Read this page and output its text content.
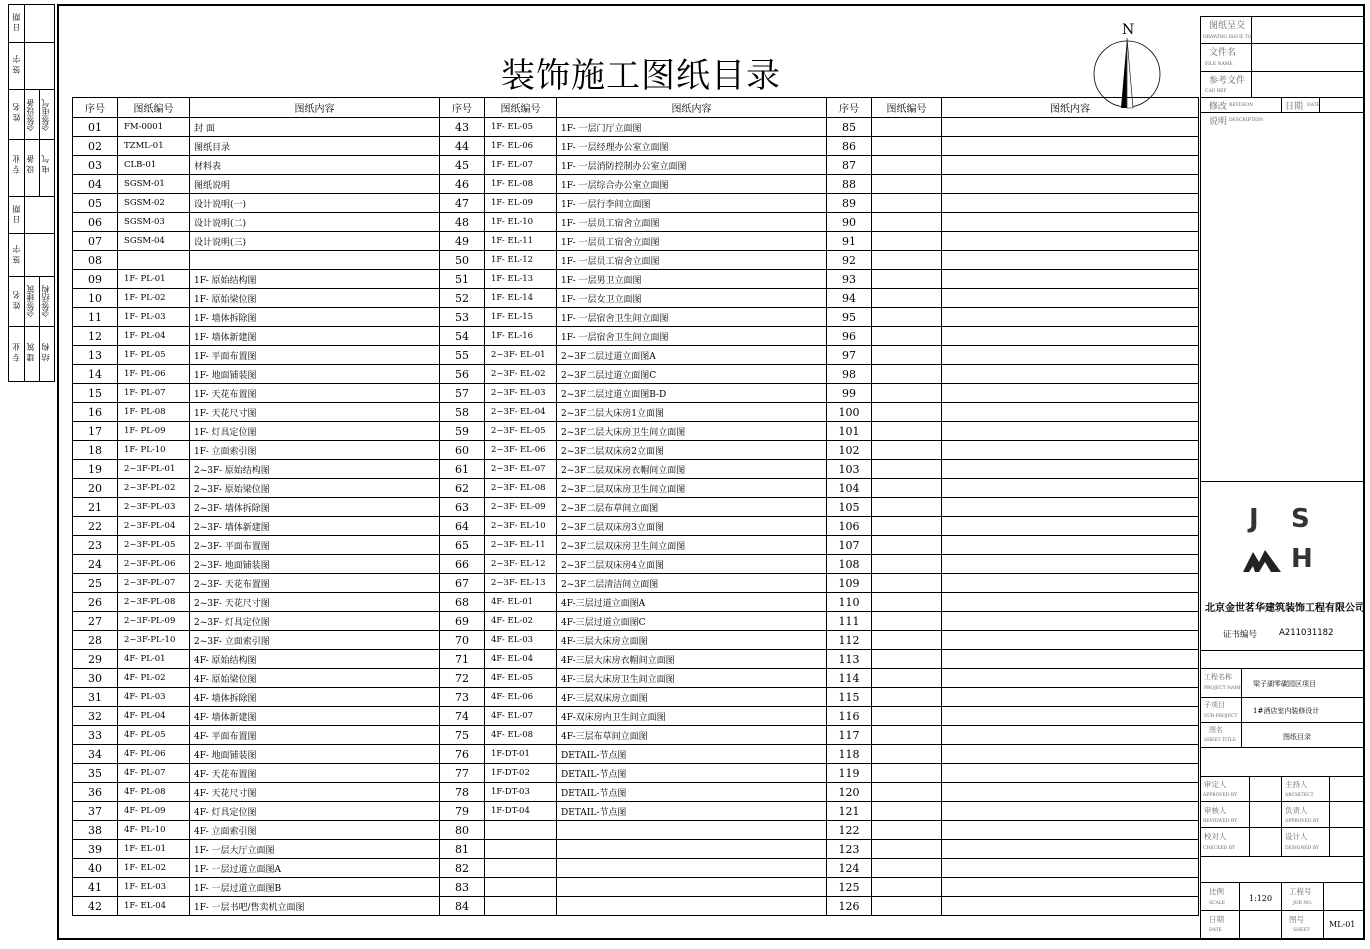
日 期
签 字
姓 名 会签设备 会签电气
专 业 设 备 电 气
日 期
签 字
姓 名 会签建筑 会签结构
专 业 建 筑 结 构
装饰施工图纸目录
N
序号	图纸编号	图纸内容	序号	图纸编号	图纸内容	序号	图纸编号	图纸内容
01	FM-0001	封 面	43	1F- EL-05	1F- 一层门厅立面图	85		
02	TZML-01	图纸目录	44	1F- EL-06	1F- 一层经理办公室立面图	86		
03	CLB-01	材料表	45	1F- EL-07	1F- 一层消防控制办公室立面图	87		
04	SGSM-01	图纸说明	46	1F- EL-08	1F- 一层综合办公室立面图	88		
05	SGSM-02	设计说明(一)	47	1F- EL-09	1F- 一层行李间立面图	89		
06	SGSM-03	设计说明(二)	48	1F- EL-10	1F- 一层员工宿舍立面图	90		
07	SGSM-04	设计说明(三)	49	1F- EL-11	1F- 一层员工宿舍立面图	91		
08			50	1F- EL-12	1F- 一层员工宿舍立面图	92		
09	1F- PL-01	1F- 原始结构图	51	1F- EL-13	1F- 一层男卫立面图	93		
10	1F- PL-02	1F- 原始梁位图	52	1F- EL-14	1F- 一层女卫立面图	94		
11	1F- PL-03	1F- 墙体拆除图	53	1F- EL-15	1F- 一层宿舍卫生间立面图	95		
12	1F- PL-04	1F- 墙体新建图	54	1F- EL-16	1F- 一层宿舍卫生间立面图	96		
13	1F- PL-05	1F- 平面布置图	55	2~3F- EL-01	2~3F二层过道立面图A	97		
14	1F- PL-06	1F- 地面铺装图	56	2~3F- EL-02	2~3F二层过道立面图C	98		
15	1F- PL-07	1F- 天花布置图	57	2~3F- EL-03	2~3F二层过道立面图B-D	99		
16	1F- PL-08	1F- 天花尺寸图	58	2~3F- EL-04	2~3F二层大床房1立面图	100		
17	1F- PL-09	1F- 灯具定位图	59	2~3F- EL-05	2~3F二层大床房卫生间立面图	101		
18	1F- PL-10	1F- 立面索引图	60	2~3F- EL-06	2~3F二层双床房2立面图	102		
19	2~3F-PL-01	2~3F- 原始结构图	61	2~3F- EL-07	2~3F二层双床房衣帽间立面图	103		
20	2~3F-PL-02	2~3F- 原始梁位图	62	2~3F- EL-08	2~3F二层双床房卫生间立面图	104		
21	2~3F-PL-03	2~3F- 墙体拆除图	63	2~3F- EL-09	2~3F二层布草间立面图	105		
22	2~3F-PL-04	2~3F- 墙体新建图	64	2~3F- EL-10	2~3F二层双床房3立面图	106		
23	2~3F-PL-05	2~3F- 平面布置图	65	2~3F- EL-11	2~3F二层双床房卫生间立面图	107		
24	2~3F-PL-06	2~3F- 地面铺装图	66	2~3F- EL-12	2~3F二层双床房4立面图	108		
25	2~3F-PL-07	2~3F- 天花布置图	67	2~3F- EL-13	2~3F二层清洁间立面图	109		
26	2~3F-PL-08	2~3F- 天花尺寸图	68	4F- EL-01	4F-三层过道立面图A	110		
27	2~3F-PL-09	2~3F- 灯具定位图	69	4F- EL-02	4F-三层过道立面图C	111		
28	2~3F-PL-10	2~3F- 立面索引图	70	4F- EL-03	4F-三层大床房立面图	112		
29	4F- PL-01	4F- 原始结构图	71	4F- EL-04	4F-三层大床房衣帽间立面图	113		
30	4F- PL-02	4F- 原始梁位图	72	4F- EL-05	4F-三层大床房卫生间立面图	114		
31	4F- PL-03	4F- 墙体拆除图	73	4F- EL-06	4F-三层双床房立面图	115		
32	4F- PL-04	4F- 墙体新建图	74	4F- EL-07	4F-双床房内卫生间立面图	116		
33	4F- PL-05	4F- 平面布置图	75	4F- EL-08	4F-三层布草间立面图	117		
34	4F- PL-06	4F- 地面铺装图	76	1F-DT-01	DETAIL-节点图	118		
35	4F- PL-07	4F- 天花布置图	77	1F-DT-02	DETAIL-节点图	119		
36	4F- PL-08	4F- 天花尺寸图	78	1F-DT-03	DETAIL-节点图	120		
37	4F- PL-09	4F- 灯具定位图	79	1F-DT-04	DETAIL-节点图	121		
38	4F- PL-10	4F- 立面索引图	80			122		
39	1F- EL-01	1F- 一层大厅立面图	81			123		
40	1F- EL-02	1F- 一层过道立面图A	82			124		
41	1F- EL-03	1F- 一层过道立面图B	83			125		
42	1F- EL-04	1F- 一层书吧/售卖机立面图	84			126		
图纸呈交
DRAWING ISSUE TO
文件名
FILE NAME
参考文件
CAD REF
修改 REVISION	日期 DATE
说明 DESCRIPTION
J S
H
北京金世茗华建筑装饰工程有限公司
证书编号	A211031182
工程名称
PROJECT NAME
梁子湖零碳园区项目
子项目
SUB-PROJECT
1#酒店室内装修设计
图名
SHEET TITLE	图纸目录
审定人
APPROVED BY
主持人
ARCHITECT
审核人
REVIEWED BY
负责人
APPROVED BY
校对人
CHECKED BY
设计人
DESIGNED BY
比例
SCALE
1:120
工程号
JOB NO.
日期
DATE
图号
SHEET
ML-01
